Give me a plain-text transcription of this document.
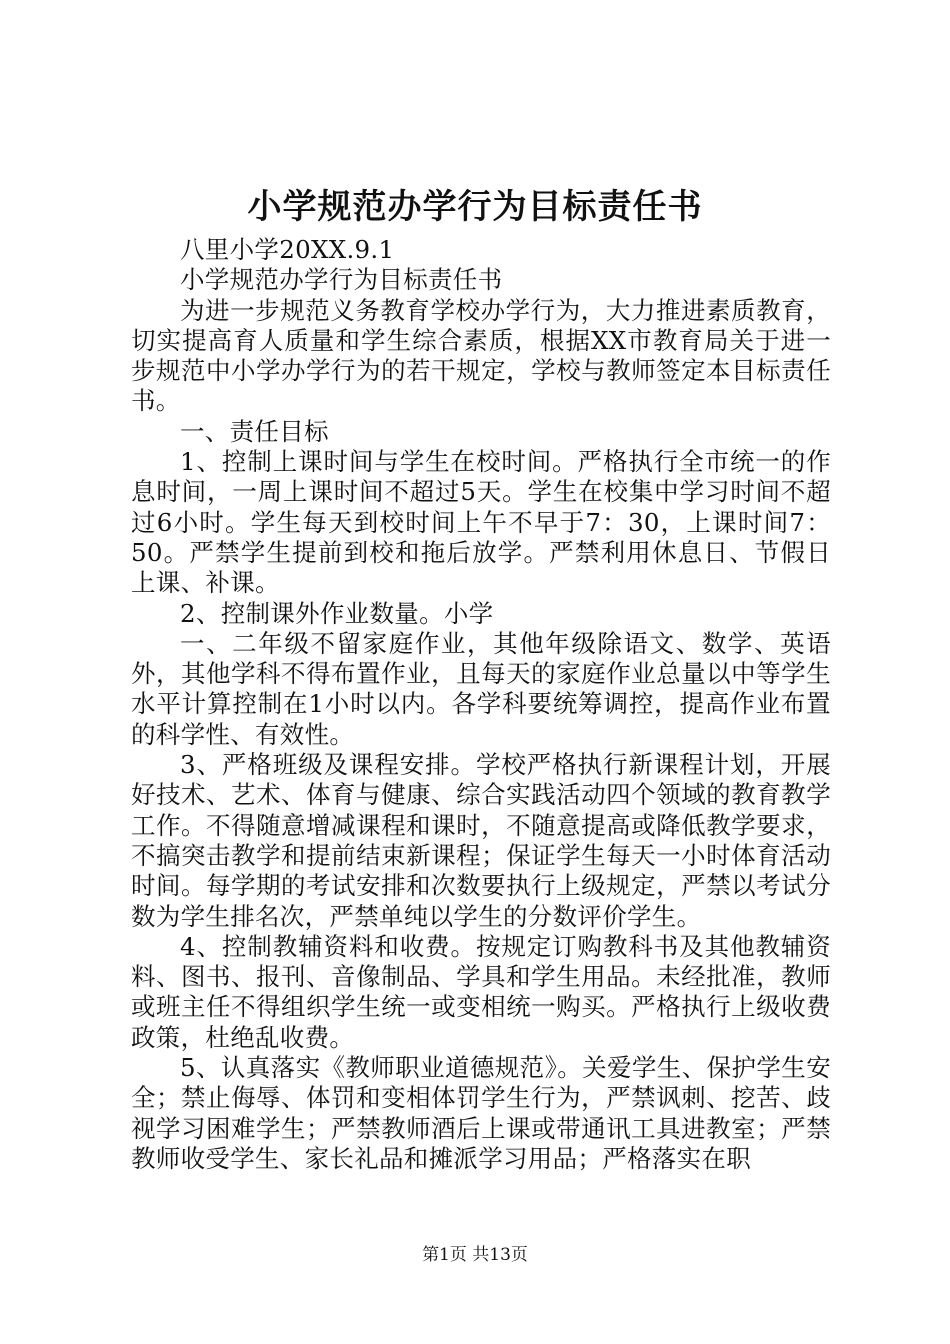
小学规范办学行为目标责任书

八里小学20XX.9.1

小学规范办学行为目标责任书

为进一步规范义务教育学校办学行为，大力推进素质教育，切实提高育人质量和学生综合素质，根据XX市教育局关于进一步规范中小学办学行为的若干规定，学校与教师签定本目标责任书。

一、责任目标

1、控制上课时间与学生在校时间。严格执行全市统一的作息时间，一周上课时间不超过5天。学生在校集中学习时间不超过6小时。学生每天到校时间上午不早于7：30，上课时间7：50。严禁学生提前到校和拖后放学。严禁利用休息日、节假日上课、补课。

2、控制课外作业数量。小学

一、二年级不留家庭作业，其他年级除语文、数学、英语外，其他学科不得布置作业，且每天的家庭作业总量以中等学生水平计算控制在1小时以内。各学科要统筹调控，提高作业布置的科学性、有效性。

3、严格班级及课程安排。学校严格执行新课程计划，开展好技术、艺术、体育与健康、综合实践活动四个领域的教育教学工作。不得随意增减课程和课时，不随意提高或降低教学要求，不搞突击教学和提前结束新课程；保证学生每天一小时体育活动时间。每学期的考试安排和次数要执行上级规定，严禁以考试分数为学生排名次，严禁单纯以学生的分数评价学生。

4、控制教辅资料和收费。按规定订购教科书及其他教辅资料、图书、报刊、音像制品、学具和学生用品。未经批准，教师或班主任不得组织学生统一或变相统一购买。严格执行上级收费政策，杜绝乱收费。

5、认真落实《教师职业道德规范》。关爱学生、保护学生安全；禁止侮辱、体罚和变相体罚学生行为，严禁讽刺、挖苦、歧视学习困难学生；严禁教师酒后上课或带通讯工具进教室；严禁教师收受学生、家长礼品和摊派学习用品；严格落实在职

第1页 共13页
